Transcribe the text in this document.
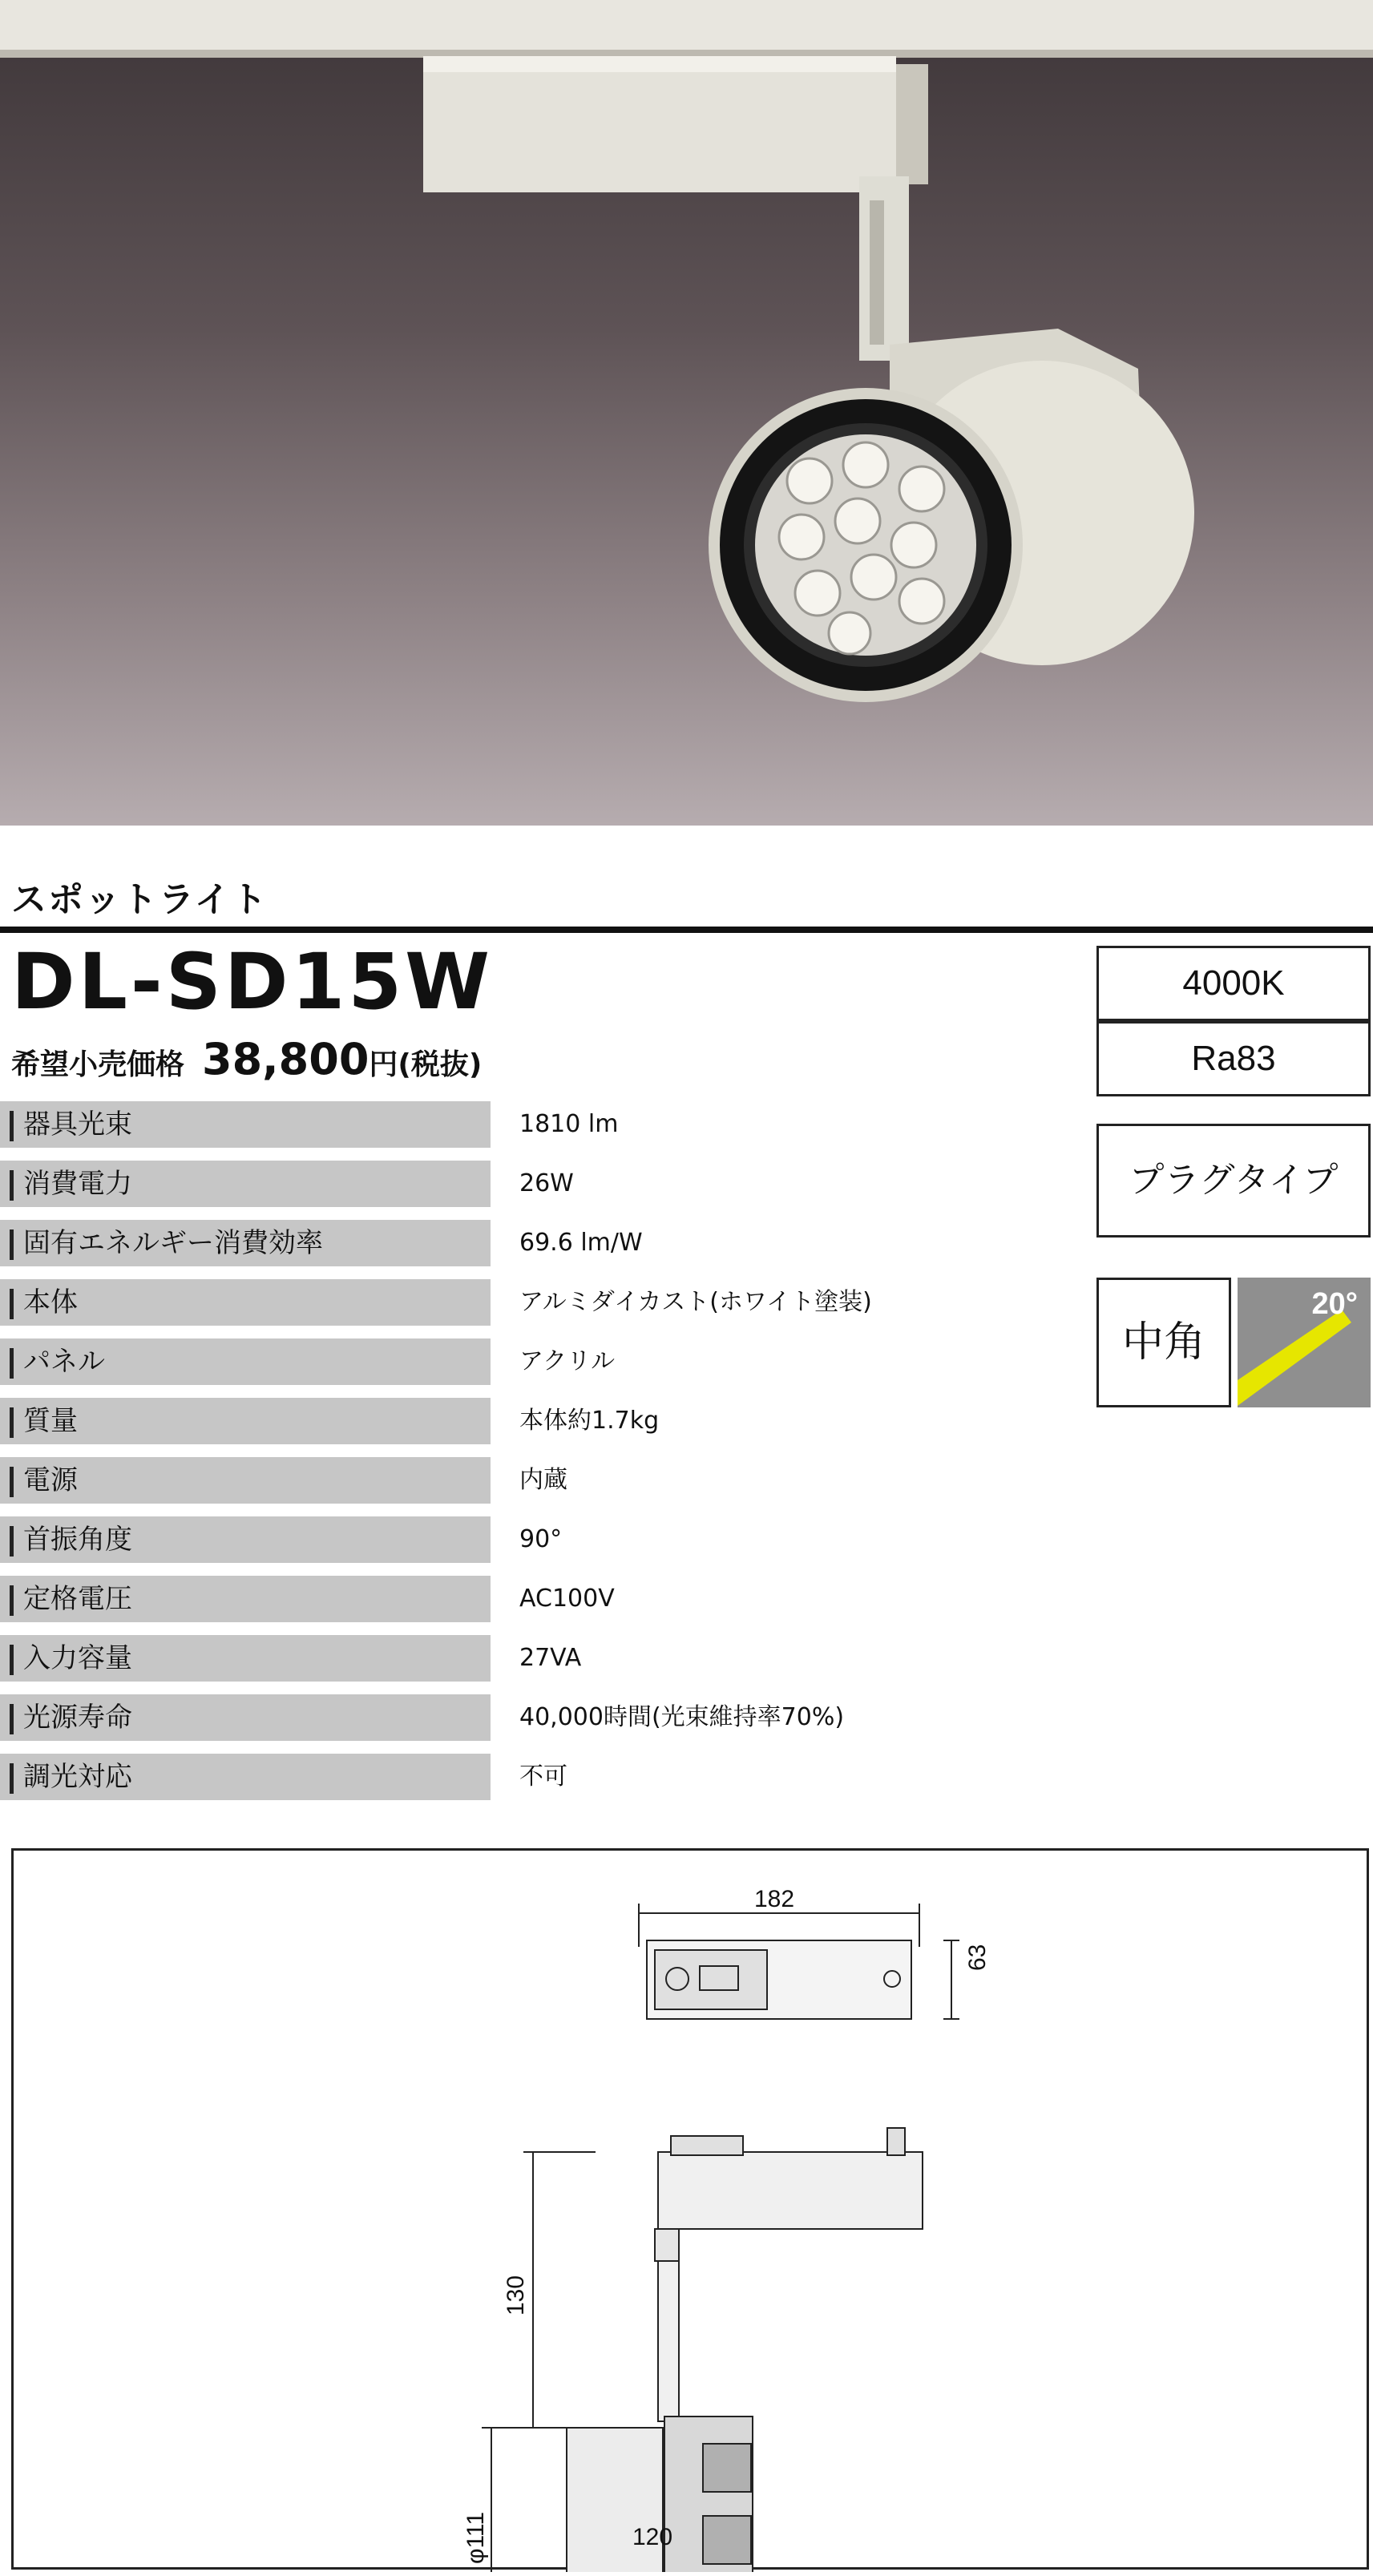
スポットライト
DL-SD15W
希望小売価格 38,800円(税抜)
器具光束	1810 lm
消費電力	26W
固有エネルギー消費効率	69.6 lm/W
本体	アルミダイカスト(ホワイト塗装)
パネル	アクリル
質量	本体約1.7kg
電源	内蔵
首振角度	90°
定格電圧	AC100V
入力容量	27VA
光源寿命	40,000時間(光束維持率70%)
調光対応	不可
4000K
Ra83
プラグタイプ
中角
20°
182
63
130
φ111	120
